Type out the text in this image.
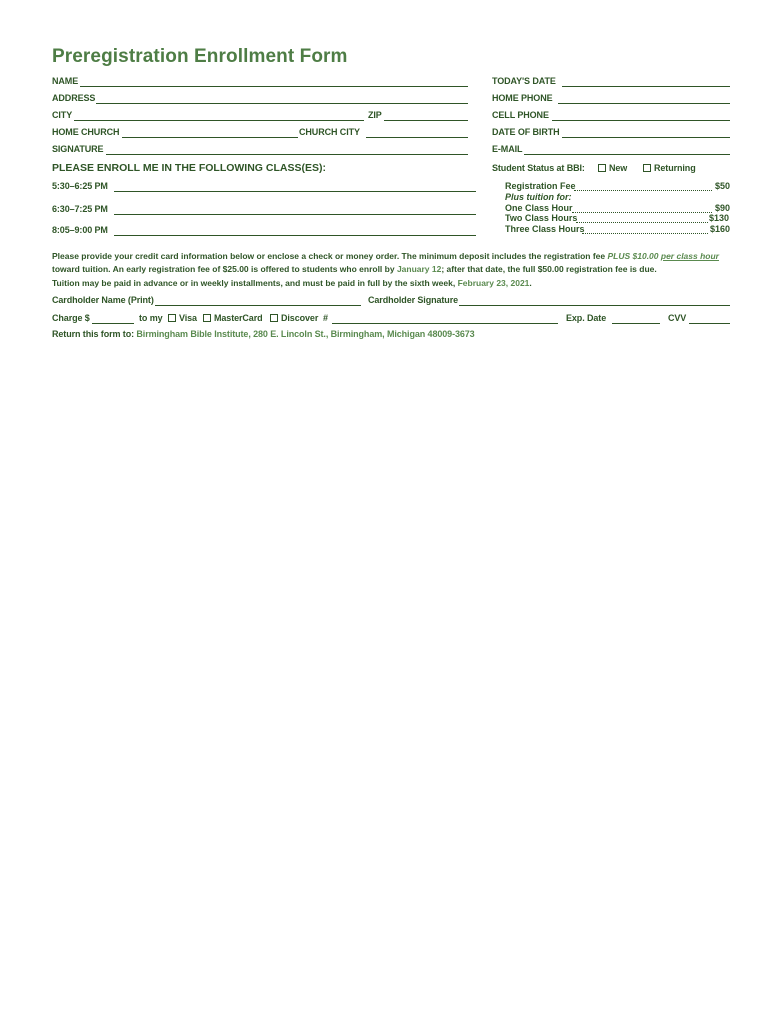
Preregistration Enrollment Form
NAME
ADDRESS
CITY	ZIP
HOME CHURCH	CHURCH CITY
SIGNATURE
TODAY'S DATE
HOME PHONE
CELL PHONE
DATE OF BIRTH
E-MAIL
PLEASE ENROLL ME IN THE FOLLOWING CLASS(ES):
5:30–6:25 PM
6:30–7:25 PM
8:05–9:00 PM
Student Status at BBI:	New	Returning
Registration Fee	$50
Plus tuition for:
One Class Hour	$90
Two Class Hours	$130
Three Class Hours	$160
Please provide your credit card information below or enclose a check or money order. The minimum deposit includes the registration fee PLUS $10.00 per class hour toward tuition. An early registration fee of $25.00 is offered to students who enroll by January 12; after that date, the full $50.00 registration fee is due.
Tuition may be paid in advance or in weekly installments, and must be paid in full by the sixth week, February 23, 2021.
Cardholder Name (Print)	Cardholder Signature
Charge $	to my	Visa	MasterCard	Discover #	Exp. Date	CVV
Return this form to: Birmingham Bible Institute, 280 E. Lincoln St., Birmingham, Michigan 48009-3673
